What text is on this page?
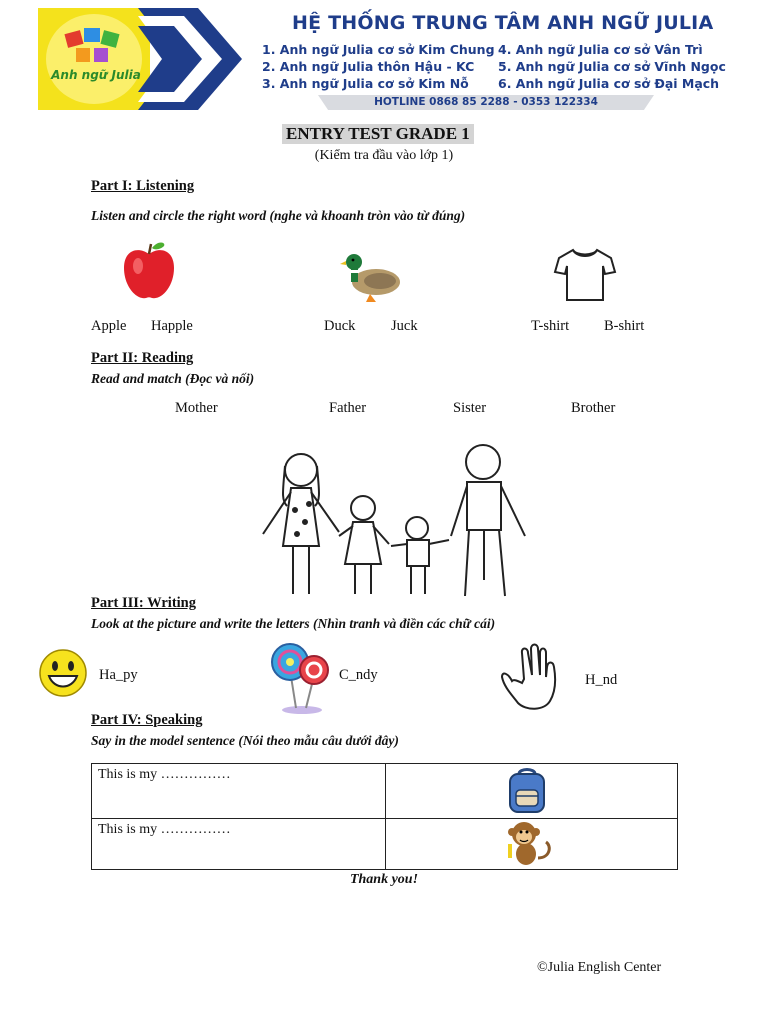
Anh ngữ Julia
HỆ THỐNG TRUNG TÂM ANH NGỮ JULIA
1. Anh ngữ Julia cơ sở Kim Chung
2. Anh ngữ Julia thôn Hậu - KC
3. Anh ngữ Julia cơ sở Kim Nỗ
4. Anh ngữ Julia cơ sở Vân Trì
5. Anh ngữ Julia cơ sở Vĩnh Ngọc
6. Anh ngữ Julia cơ sở Đại Mạch
HOTLINE 0868 85 2288 - 0353 122334
ENTRY TEST GRADE 1
(Kiểm tra đầu vào lớp 1)
Part I: Listening
Listen and circle the right word (nghe và khoanh tròn vào từ đúng)
Apple Happle	Duck Juck	T-shirt B-shirt
Part II: Reading
Read and match (Đọc và nối)
Mother	Father	Sister	Brother
Part III: Writing
Look at the picture and write the letters (Nhìn tranh và điền các chữ cái)
Ha_py	C_ndy	H_nd
Part IV: Speaking
Say in the model sentence (Nói theo mẫu câu dưới đây)
This is my ……………	
This is my ……………	
Thank you!
©Julia English Center
